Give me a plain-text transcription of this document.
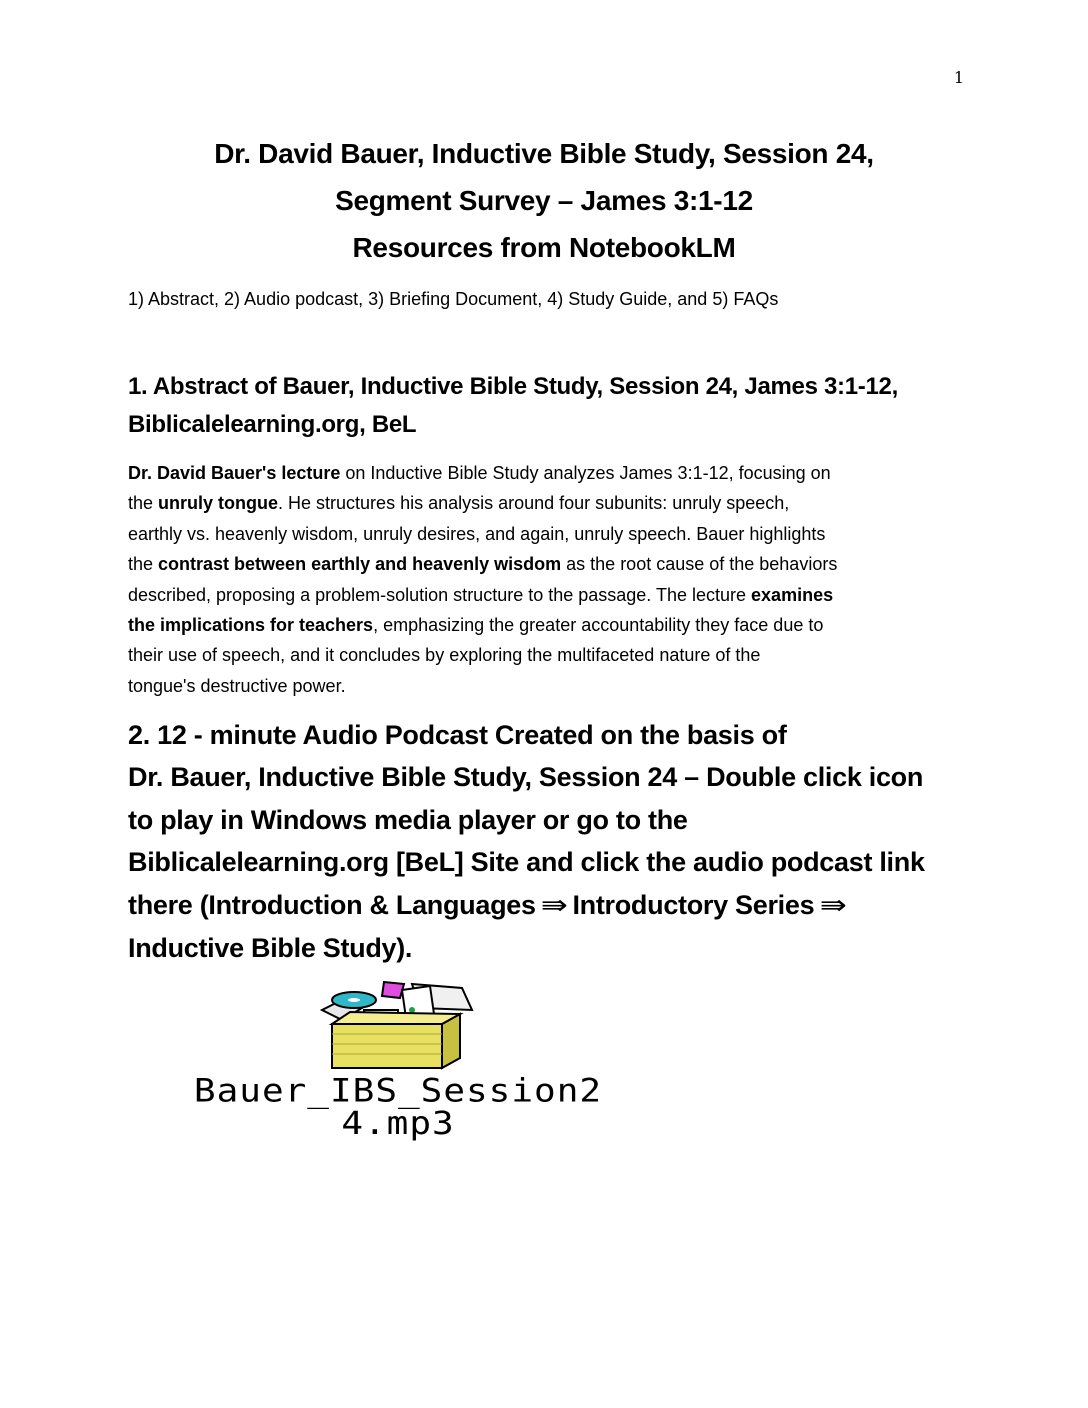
1
Dr. David Bauer, Inductive Bible Study, Session 24,
Segment Survey – James 3:1-12
Resources from NotebookLM
1) Abstract, 2) Audio podcast, 3) Briefing Document, 4) Study Guide, and 5) FAQs
1. Abstract of Bauer, Inductive Bible Study, Session 24, James 3:1-12,
Biblicalelearning.org, BeL
Dr. David Bauer's lecture on Inductive Bible Study analyzes James 3:1-12, focusing on
the unruly tongue. He structures his analysis around four subunits: unruly speech,
earthly vs. heavenly wisdom, unruly desires, and again, unruly speech. Bauer highlights
the contrast between earthly and heavenly wisdom as the root cause of the behaviors
described, proposing a problem-solution structure to the passage. The lecture examines
the implications for teachers, emphasizing the greater accountability they face due to
their use of speech, and it concludes by exploring the multifaceted nature of the
tongue's destructive power.
2. 12 - minute Audio Podcast Created on the basis of
Dr. Bauer, Inductive Bible Study, Session 24 – Double click icon
to play in Windows media player or go to the
Biblicalelearning.org [BeL] Site and click the audio podcast link
there (Introduction & Languages ⇛ Introductory Series ⇛
Inductive Bible Study).
Bauer_IBS_Session2
4.mp3
